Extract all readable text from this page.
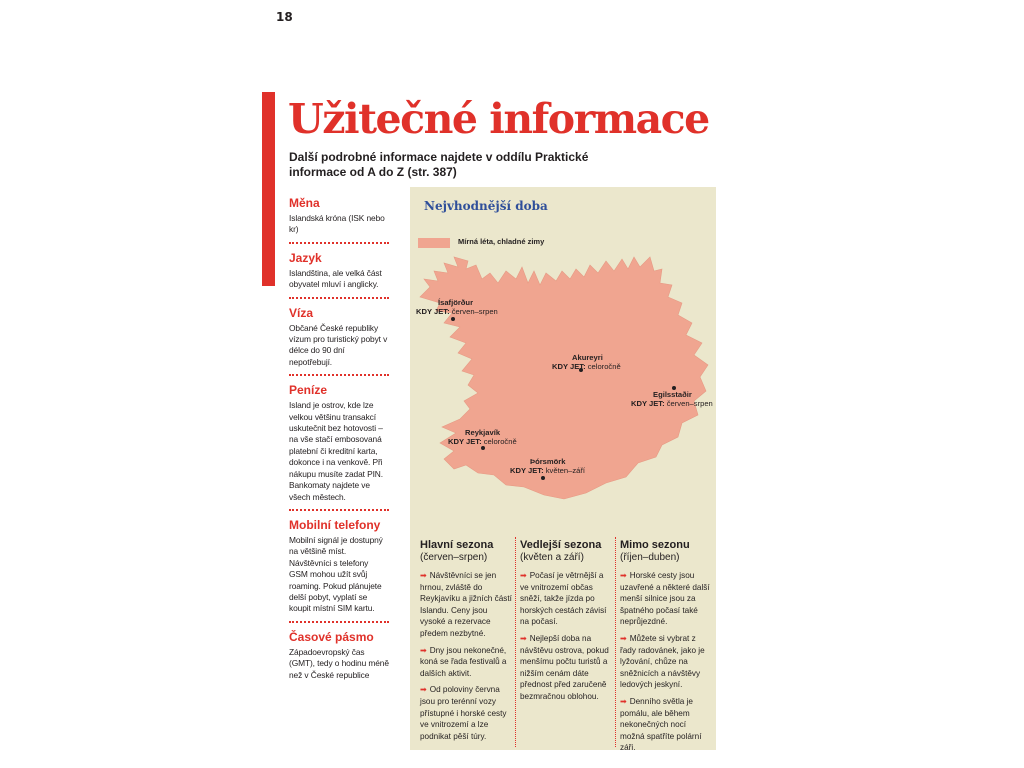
18
Užitečné informace
Další podrobné informace najdete v oddílu Praktické informace od A do Z (str. 387)

Měna

Islandská króna (ISK nebo kr)

Jazyk

Islandština, ale velká část obyvatel mluví i anglicky.

Víza

Občané České republiky vízum pro turistický pobyt v délce do 90 dní nepotřebují.

Peníze

Island je ostrov, kde lze velkou většinu transakcí uskutečnit bez hotovosti – na vše stačí embosovaná platební či kreditní karta, dokonce i na venkově. Při nákupu musíte zadat PIN. Bankomaty najdete ve všech městech.

Mobilní telefony

Mobilní signál je dostupný na většině míst. Návštěvníci s telefony GSM mohou užít svůj roaming. Pokud plánujete delší pobyt, vyplatí se koupit místní SIM kartu.

Časové pásmo

Západoevropský čas (GMT), tedy o hodinu méně než v České republice

Nejvhodnější doba

Mírná léta, chladné zimy
Ísafjörður
KDY JET: červen–srpen
Akureyri
KDY JET: celoročně
Egilsstaðir
KDY JET: červen–srpen
Reykjavík
KDY JET: celoročně
Þórsmörk
KDY JET: květen–září

Hlavní sezona

(červen–srpen)

➡ Návštěvníci se jen hrnou, zvláště do Reykjavíku a jižních částí Islandu. Ceny jsou vysoké a rezervace předem nezbytné.

➡ Dny jsou nekonečné, koná se řada festivalů a dalších aktivit.

➡ Od poloviny června jsou pro terénní vozy přístupné i horské cesty ve vnitrozemí a lze podnikat pěší túry.

Vedlejší sezona

(květen a září)

➡ Počasí je větrnější a ve vnitrozemí občas sněží, takže jízda po horských cestách závisí na počasí.

➡ Nejlepší doba na návštěvu ostrova, pokud menšímu počtu turistů a nižším cenám dáte přednost před zaručeně bezmračnou oblohou.

Mimo sezonu

(říjen–duben)

➡ Horské cesty jsou uzavřené a některé další menší silnice jsou za špatného počasí také neprůjezdné.

➡ Můžete si vybrat z řady radovánek, jako je lyžování, chůze na sněžnicích a návštěvy ledových jeskyní.

➡ Denního světla je pomálu, ale během nekonečných nocí možná spatříte polární záři.
